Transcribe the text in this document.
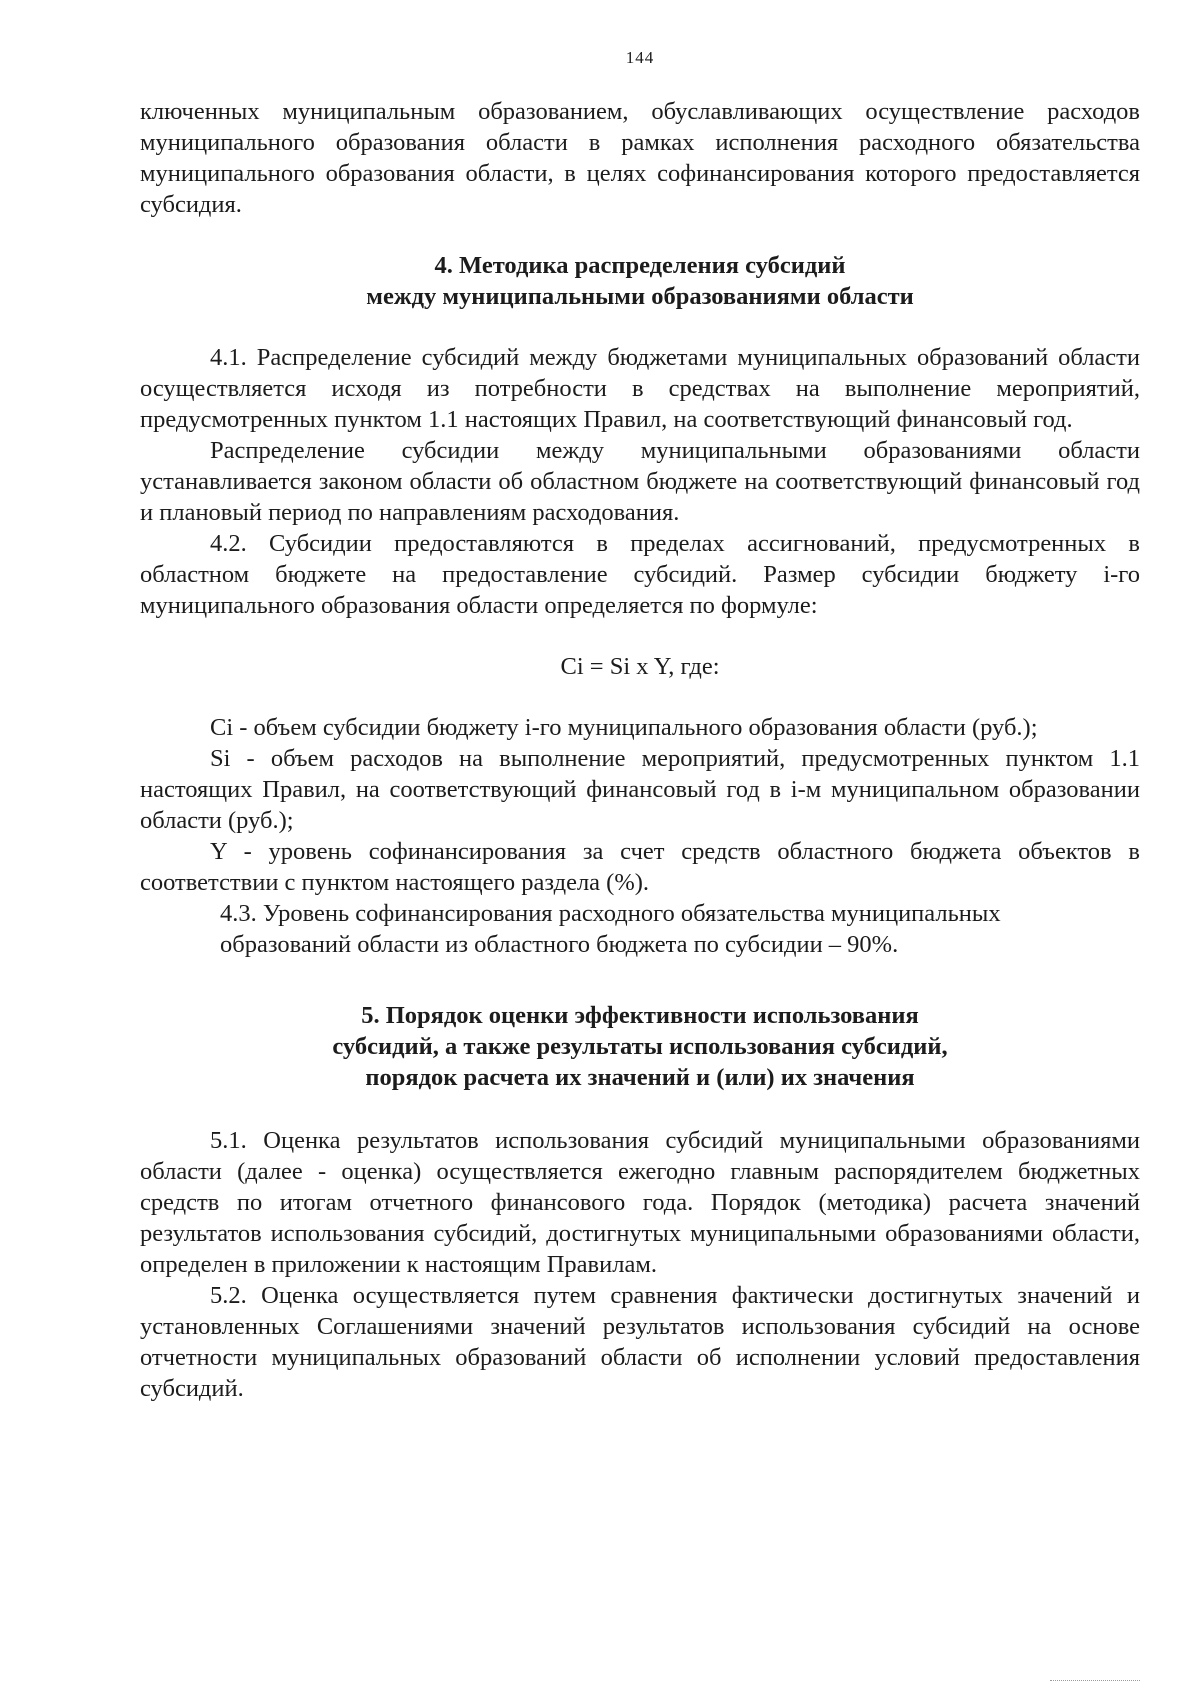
144

ключенных муниципальным образованием, обуславливающих осуществление расходов муниципального образования области в рамках исполнения расходного обязательства муниципального образования области, в целях софинансирования которого предоставляется субсидия.

4. Методика распределения субсидий
между муниципальными образованиями области

4.1. Распределение субсидий между бюджетами муниципальных образований области осуществляется исходя из потребности в средствах на выполнение мероприятий, предусмотренных пунктом 1.1 настоящих Правил, на соответствующий финансовый год.

Распределение субсидии между муниципальными образованиями области устанавливается законом области об областном бюджете на соответствующий финансовый год и плановый период по направлениям расходования.

4.2. Субсидии предоставляются в пределах ассигнований, предусмотренных в областном бюджете на предоставление субсидий. Размер субсидии бюджету i-го муниципального образования области определяется по формуле:

Ci = Si x Y, где:

Ci - объем субсидии бюджету i-го муниципального образования области (руб.);

Si - объем расходов на выполнение мероприятий, предусмотренных пунктом 1.1 настоящих Правил, на соответствующий финансовый год в i-м муниципальном образовании области (руб.);

Y - уровень софинансирования за счет средств областного бюджета объектов в соответствии с пунктом настоящего раздела (%).

4.3. Уровень софинансирования расходного обязательства муниципальных
образований области из областного бюджета по субсидии – 90%.

5. Порядок оценки эффективности использования
субсидий, а также результаты использования субсидий,
порядок расчета их значений и (или) их значения

5.1. Оценка результатов использования субсидий муниципальными образованиями области (далее - оценка) осуществляется ежегодно главным распорядителем бюджетных средств по итогам отчетного финансового года. Порядок (методика) расчета значений результатов использования субсидий, достигнутых муниципальными образованиями области, определен в приложении к настоящим Правилам.

5.2. Оценка осуществляется путем сравнения фактически достигнутых значений и установленных Соглашениями значений результатов использования субсидий на основе отчетности муниципальных образований области об исполнении условий предоставления субсидий.
